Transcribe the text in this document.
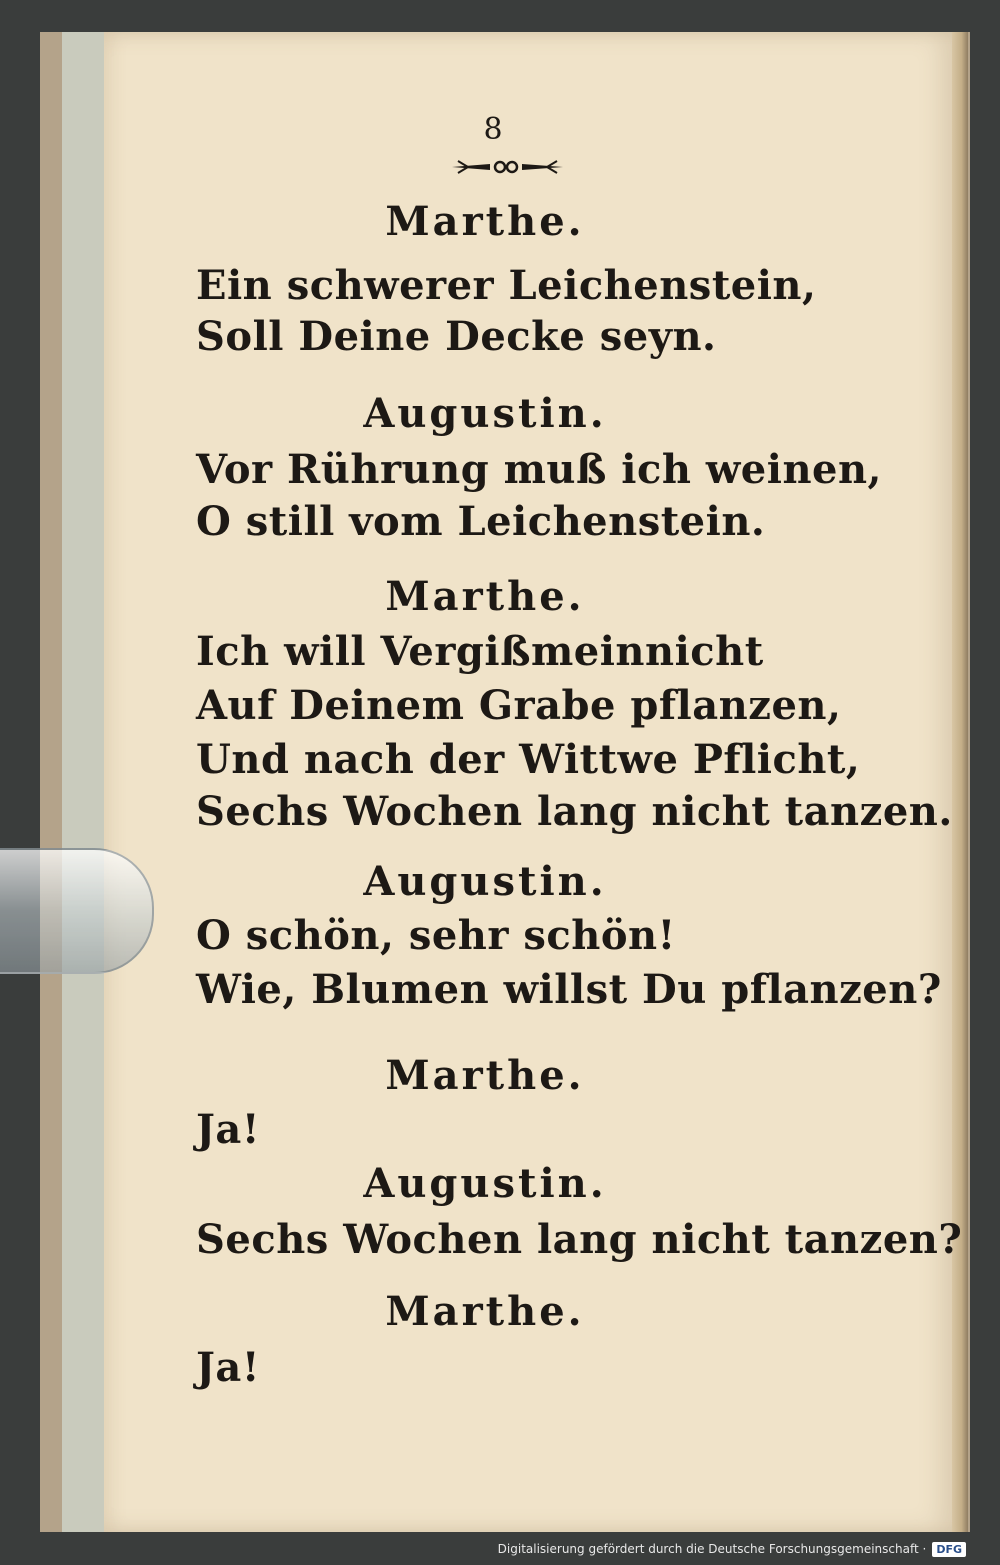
8
Marthe.
Ein schwerer Leichenstein,
Soll Deine Decke seyn.
Augustin.
Vor Rührung muß ich weinen,
O still vom Leichenstein.
Marthe.
Ich will Vergißmeinnicht
Auf Deinem Grabe pflanzen,
Und nach der Wittwe Pflicht,
Sechs Wochen lang nicht tanzen.
Augustin.
O schön, sehr schön!
Wie, Blumen willst Du pflanzen?
Marthe.
Ja!
Augustin.
Sechs Wochen lang nicht tanzen?
Marthe.
Ja!
Digitalisierung gefördert durch die Deutsche Forschungsgemeinschaft · DFG
